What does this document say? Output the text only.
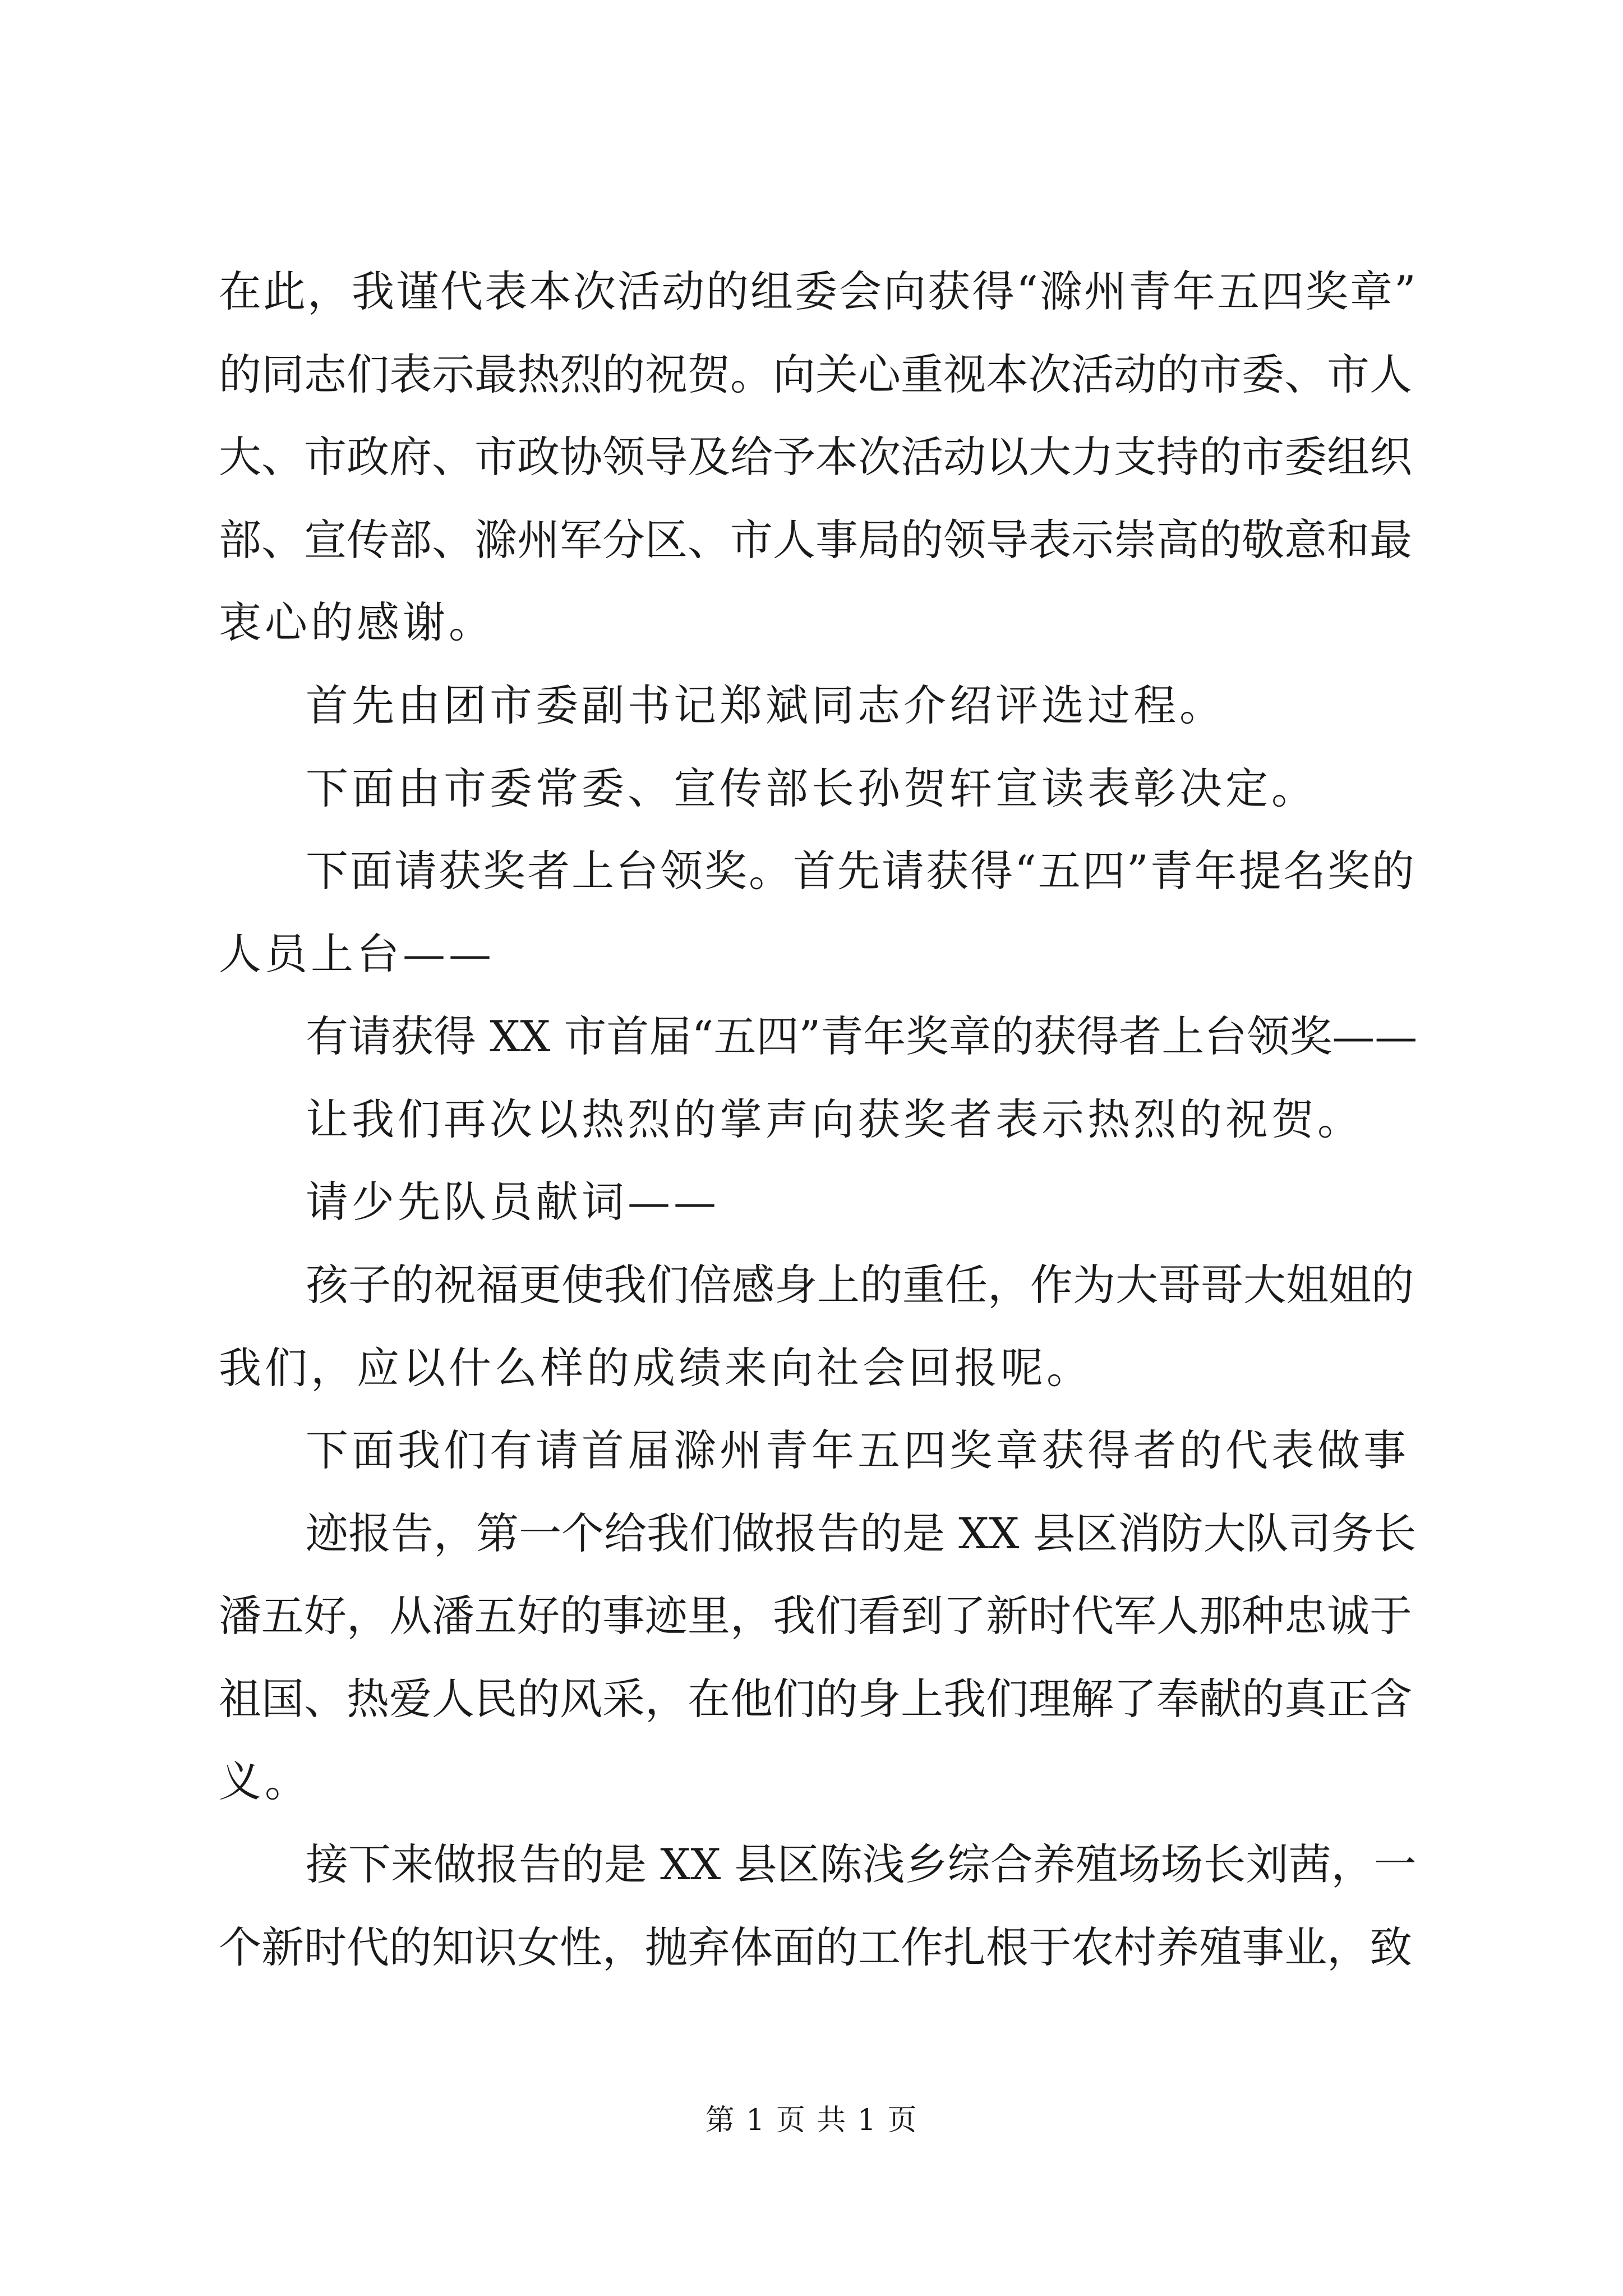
在此，我谨代表本次活动的组委会向获得“滁州青年五四奖章”
的同志们表示最热烈的祝贺。向关心重视本次活动的市委、市人
大、市政府、市政协领导及给予本次活动以大力支持的市委组织
部、宣传部、滁州军分区、市人事局的领导表示崇高的敬意和最
衷心的感谢。
首先由团市委副书记郑斌同志介绍评选过程。
下面由市委常委、宣传部长孙贺轩宣读表彰决定。
下面请获奖者上台领奖。首先请获得“五四”青年提名奖的
人员上台——
有请获得 XX 市首届“五四”青年奖章的获得者上台领奖——
让我们再次以热烈的掌声向获奖者表示热烈的祝贺。
请少先队员献词——
孩子的祝福更使我们倍感身上的重任，作为大哥哥大姐姐的
我们，应以什么样的成绩来向社会回报呢。
下面我们有请首届滁州青年五四奖章获得者的代表做事
迹报告，第一个给我们做报告的是 XX 县区消防大队司务长
潘五好，从潘五好的事迹里，我们看到了新时代军人那种忠诚于
祖国、热爱人民的风采，在他们的身上我们理解了奉献的真正含
义。
接下来做报告的是 XX 县区陈浅乡综合养殖场场长刘茜，一
个新时代的知识女性，抛弃体面的工作扎根于农村养殖事业，致
第 1 页 共 1 页
